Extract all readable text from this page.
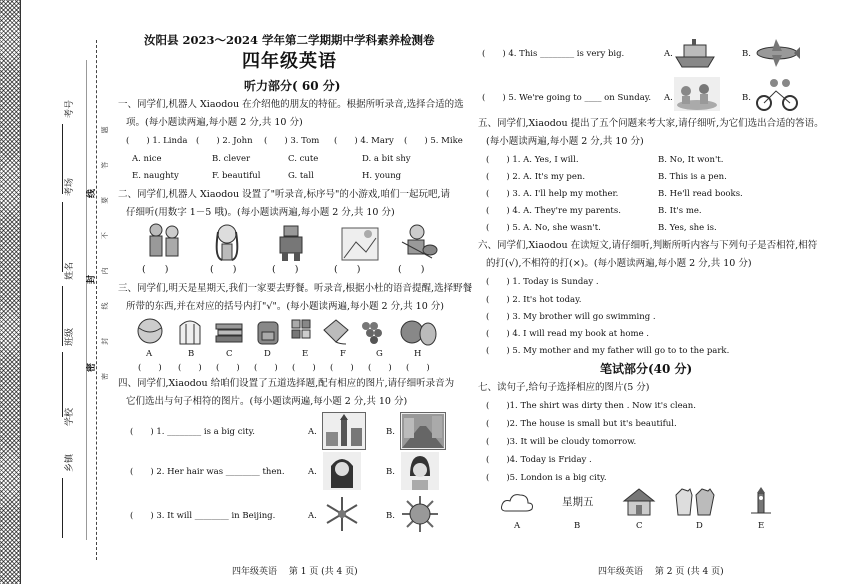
乡镇
学校
班级
姓名
考场
考号
密
封
线 密 封 线 内 不 要 答 题
汝阳县 2023～2024 学年第二学期期中学科素养检测卷
四年级英语
听力部分( 60 分)
一、同学们,机器人 Xiaodou 在介绍他的朋友的特征。根据所听录音,选择合适的选
项。(每小题读两遍,每小题 2 分,共 10 分)
(　　) 1. Linda (　　) 2. John (　　) 3. Tom (　　) 4. Mary (　　) 5. Mike
A. nice	B. clever	C. cute	D. a bit shy
E. naughty	F. beautiful	G. tall	H. young
二、同学们,机器人 Xiaodou 设置了"听录音,标序号"的小游戏,咱们一起玩吧,请
仔细听(用数字 1－5 哦)。(每小题读两遍,每小题 2 分,共 10 分)
(　　)	(　　)	(　　)	(　　)	(　　)
三、同学们,明天是星期天,我们一家要去野餐。听录音,根据小杜的语音提醒,选择野餐
所带的东西,并在对应的括号内打"√"。(每小题读两遍,每小题 2 分,共 10 分)
A	B	C	D	E	F	G	H
(　　) (　　) (　　) (　　) (　　) (　　) (　　) (　　)
四、同学们,Xiaodou 给咱们设置了五道选择题,配有相应的图片,请仔细听录音为
它们选出与句子相符的图片。(每小题读两遍,每小题 2 分,共 10 分)
(　　) 1. ________ is a big city.	A.	B.
(　　) 2. Her hair was ________ then.	A.	B.
(　　) 3. It will ________ in Beijing.	A.	B.
四年级英语　 第 1 页 (共 4 页)
(　　) 4. This ________ is very big.	A.	B.
(　　) 5. We're going to ____ on Sunday. A.	B.
五、同学们,Xiaodou 提出了五个问题来考大家,请仔细听,为它们选出合适的答语。
(每小题读两遍,每小题 2 分,共 10 分)
(　　) 1. A. Yes, I will.	B. No, It won't.
(　　) 2. A. It's my pen.	B. This is a pen.
(　　) 3. A. I'll help my mother.	B. He'll read books.
(　　) 4. A. They're my parents.	B. It's me.
(　　) 5. A. No, she wasn't.	B. Yes, she is.
六、同学们,Xiaodou 在读短文,请仔细听,判断所听内容与下列句子是否相符,相符
的打(√),不相符的打(×)。(每小题读两遍,每小题 2 分,共 10 分)
(　　) 1. Today is Sunday .
(　　) 2. It's hot today.
(　　) 3. My brother will go swimming .
(　　) 4. I will read my book at home .
(　　) 5. My mother and my father will go to to the park.
笔试部分(40 分)
七、读句子,给句子选择相应的图片(5 分)
(　　)1. The shirt was dirty then . Now it's clean.
(　　)2. The house is small but it's beautiful.
(　　)3. It will be cloudy tomorrow.
(　　)4. Today is Friday .
(　　)5. London is a big city.
星期五
A	B	C	D	E
四年级英语　 第 2 页 (共 4 页)
